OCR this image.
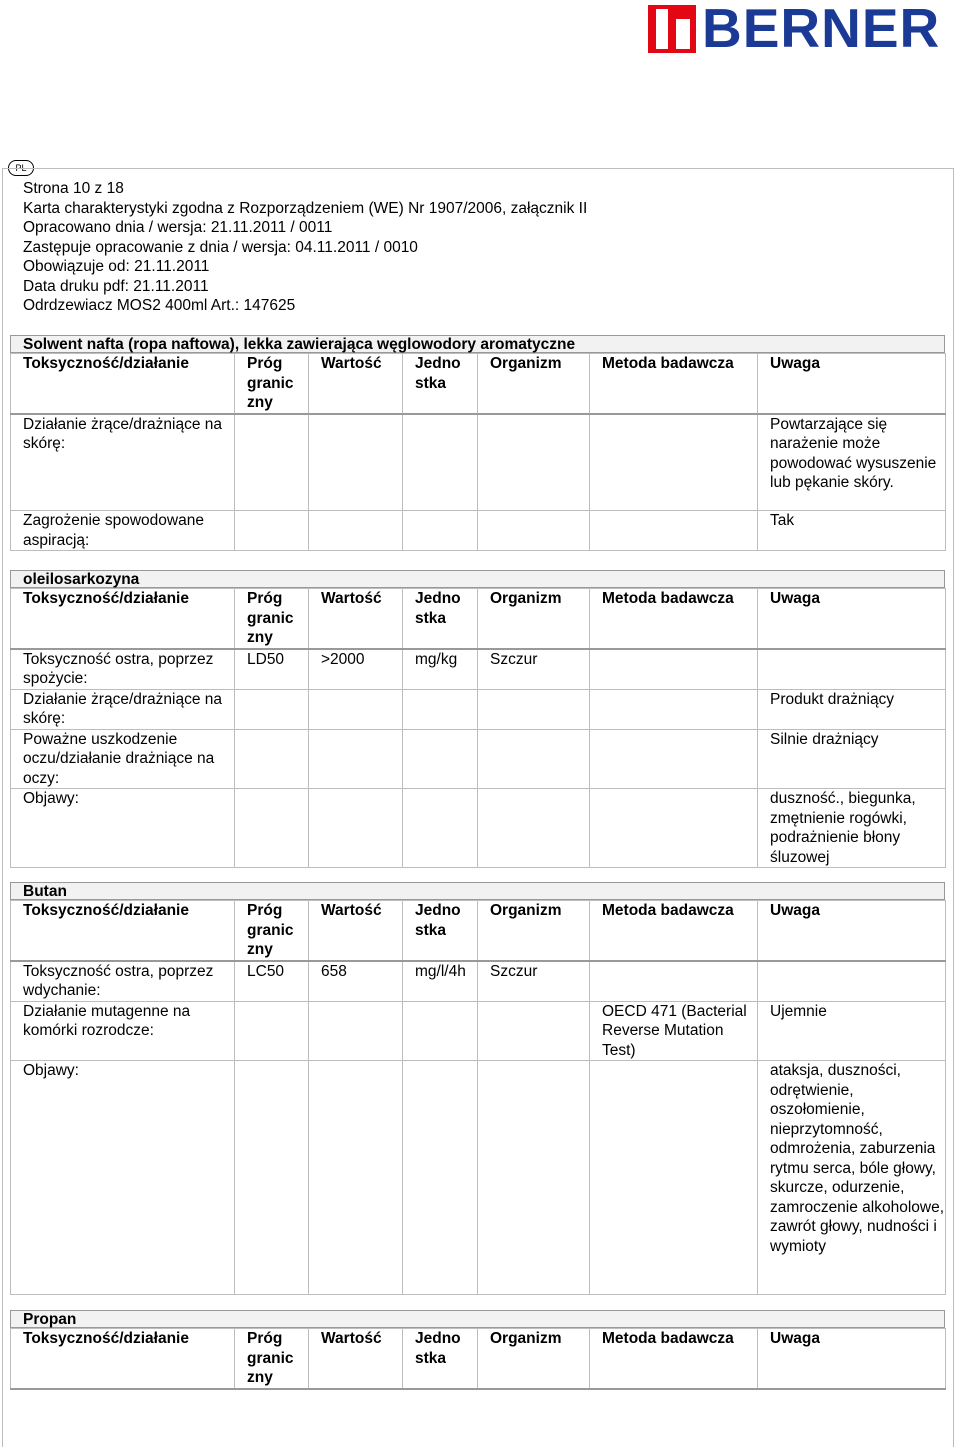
BERNER
PL
Strona 10 z 18
Karta charakterystyki zgodna z Rozporządzeniem (WE) Nr 1907/2006, załącznik II
Opracowano dnia / wersja: 21.11.2011 / 0011
Zastępuje opracowanie z dnia / wersja: 04.11.2011 / 0010
Obowiązuje od: 21.11.2011
Data druku pdf: 21.11.2011
Odrdzewiacz MOS2 400ml Art.: 147625
Solwent nafta (ropa naftowa), lekka zawierająca węglowodory aromatyczne
Toksyczność/działanie	Próg granic zny	Wartość	Jedno stka	Organizm	Metoda badawcza	Uwaga
Działanie żrące/drażniące na skórę:						Powtarzające się narażenie może powodować wysuszenie lub pękanie skóry.
Zagrożenie spowodowane aspiracją:						Tak
oleilosarkozyna
Toksyczność/działanie	Próg granic zny	Wartość	Jedno stka	Organizm	Metoda badawcza	Uwaga
Toksyczność ostra, poprzez spożycie:	LD50	>2000	mg/kg	Szczur		
Działanie żrące/drażniące na skórę:						Produkt drażniący
Poważne uszkodzenie oczu/działanie drażniące na oczy:						Silnie drażniący
Objawy:						duszność., biegunka, zmętnienie rogówki, podrażnienie błony śluzowej
Butan
Toksyczność/działanie	Próg granic zny	Wartość	Jedno stka	Organizm	Metoda badawcza	Uwaga
Toksyczność ostra, poprzez wdychanie:	LC50	658	mg/l/4h	Szczur		
Działanie mutagenne na komórki rozrodcze:					OECD 471 (Bacterial Reverse Mutation Test)	Ujemnie
Objawy:						ataksja, duszności, odrętwienie, oszołomienie, nieprzytomność, odmrożenia, zaburzenia rytmu serca, bóle głowy, skurcze, odurzenie, zamroczenie alkoholowe, zawrót głowy, nudności i wymioty
Propan
Toksyczność/działanie	Próg granic zny	Wartość	Jedno stka	Organizm	Metoda badawcza	Uwaga
